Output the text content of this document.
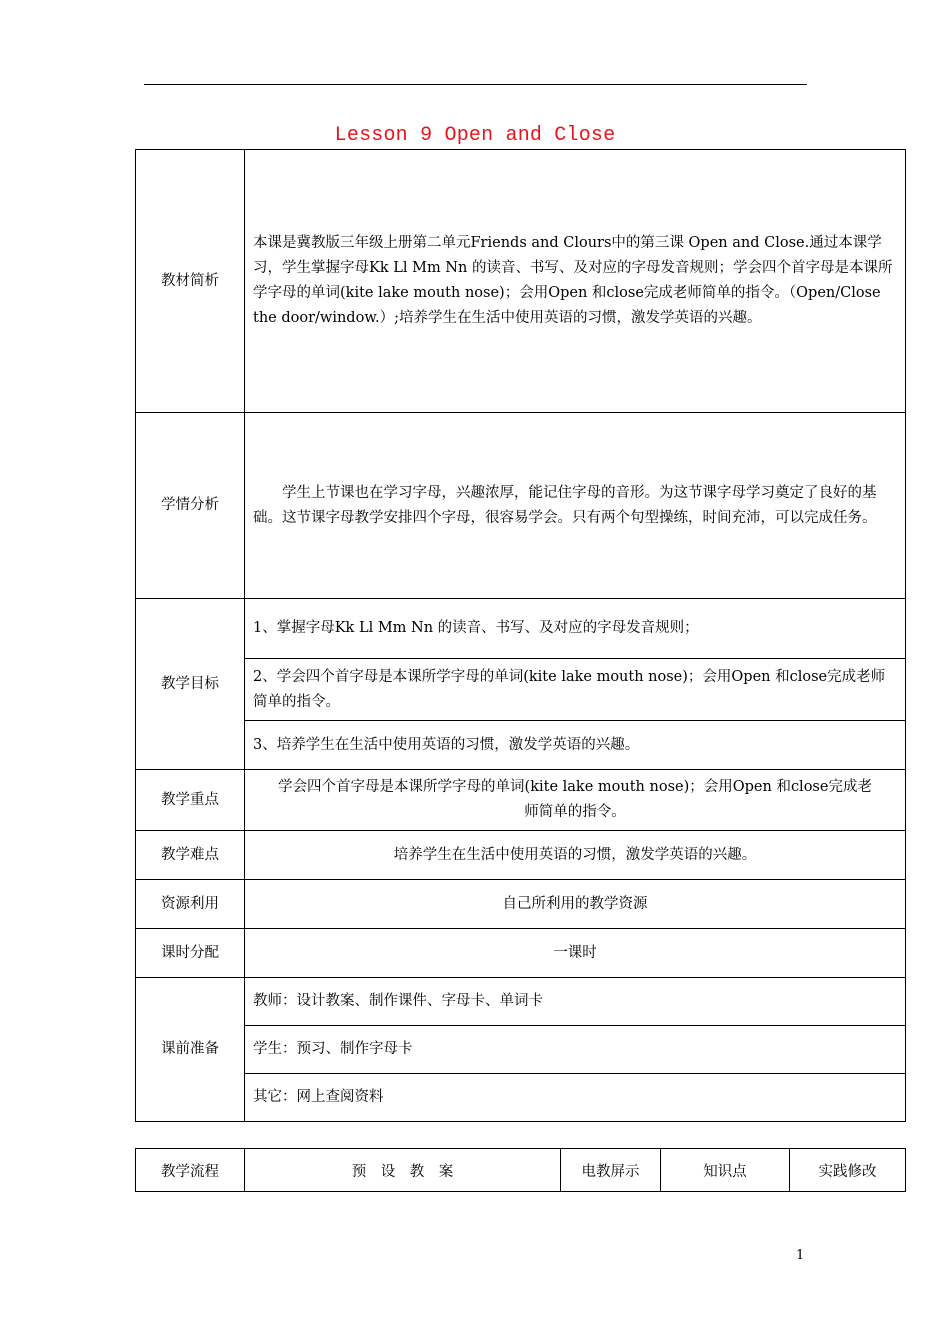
Lesson 9 Open and Close
教材简析	本课是冀教版三年级上册第二单元Friends and Clours中的第三课 Open and Close.通过本课学习，学生掌握字母Kk Ll Mm Nn 的读音、书写、及对应的字母发音规则；学会四个首字母是本课所学字母的单词(kite lake mouth nose)；会用Open 和close完成老师简单的指令。（Open/Close the door/window.）;培养学生在生活中使用英语的习惯，激发学英语的兴趣。

学情分析	学生上节课也在学习字母，兴趣浓厚，能记住字母的音形。为这节课字母学习奠定了良好的基础。这节课字母教学安排四个字母，很容易学会。只有两个句型操练，时间充沛，可以完成任务。

教学目标	1、掌握字母Kk Ll Mm Nn 的读音、书写、及对应的字母发音规则；
	2、学会四个首字母是本课所学字母的单词(kite lake mouth nose)；会用Open 和close完成老师简单的指令。
	3、培养学生在生活中使用英语的习惯，激发学英语的兴趣。
教学重点	学会四个首字母是本课所学字母的单词(kite lake mouth nose)；会用Open 和close完成老师简单的指令。
教学难点	培养学生在生活中使用英语的习惯，激发学英语的兴趣。
资源利用	自己所利用的教学资源
课时分配	一课时
课前准备	教师：设计教案、制作课件、字母卡、单词卡
	学生：预习、制作字母卡
	其它：网上查阅资料
教学流程	预　设　教　案	电教屏示	知识点	实践修改
1
